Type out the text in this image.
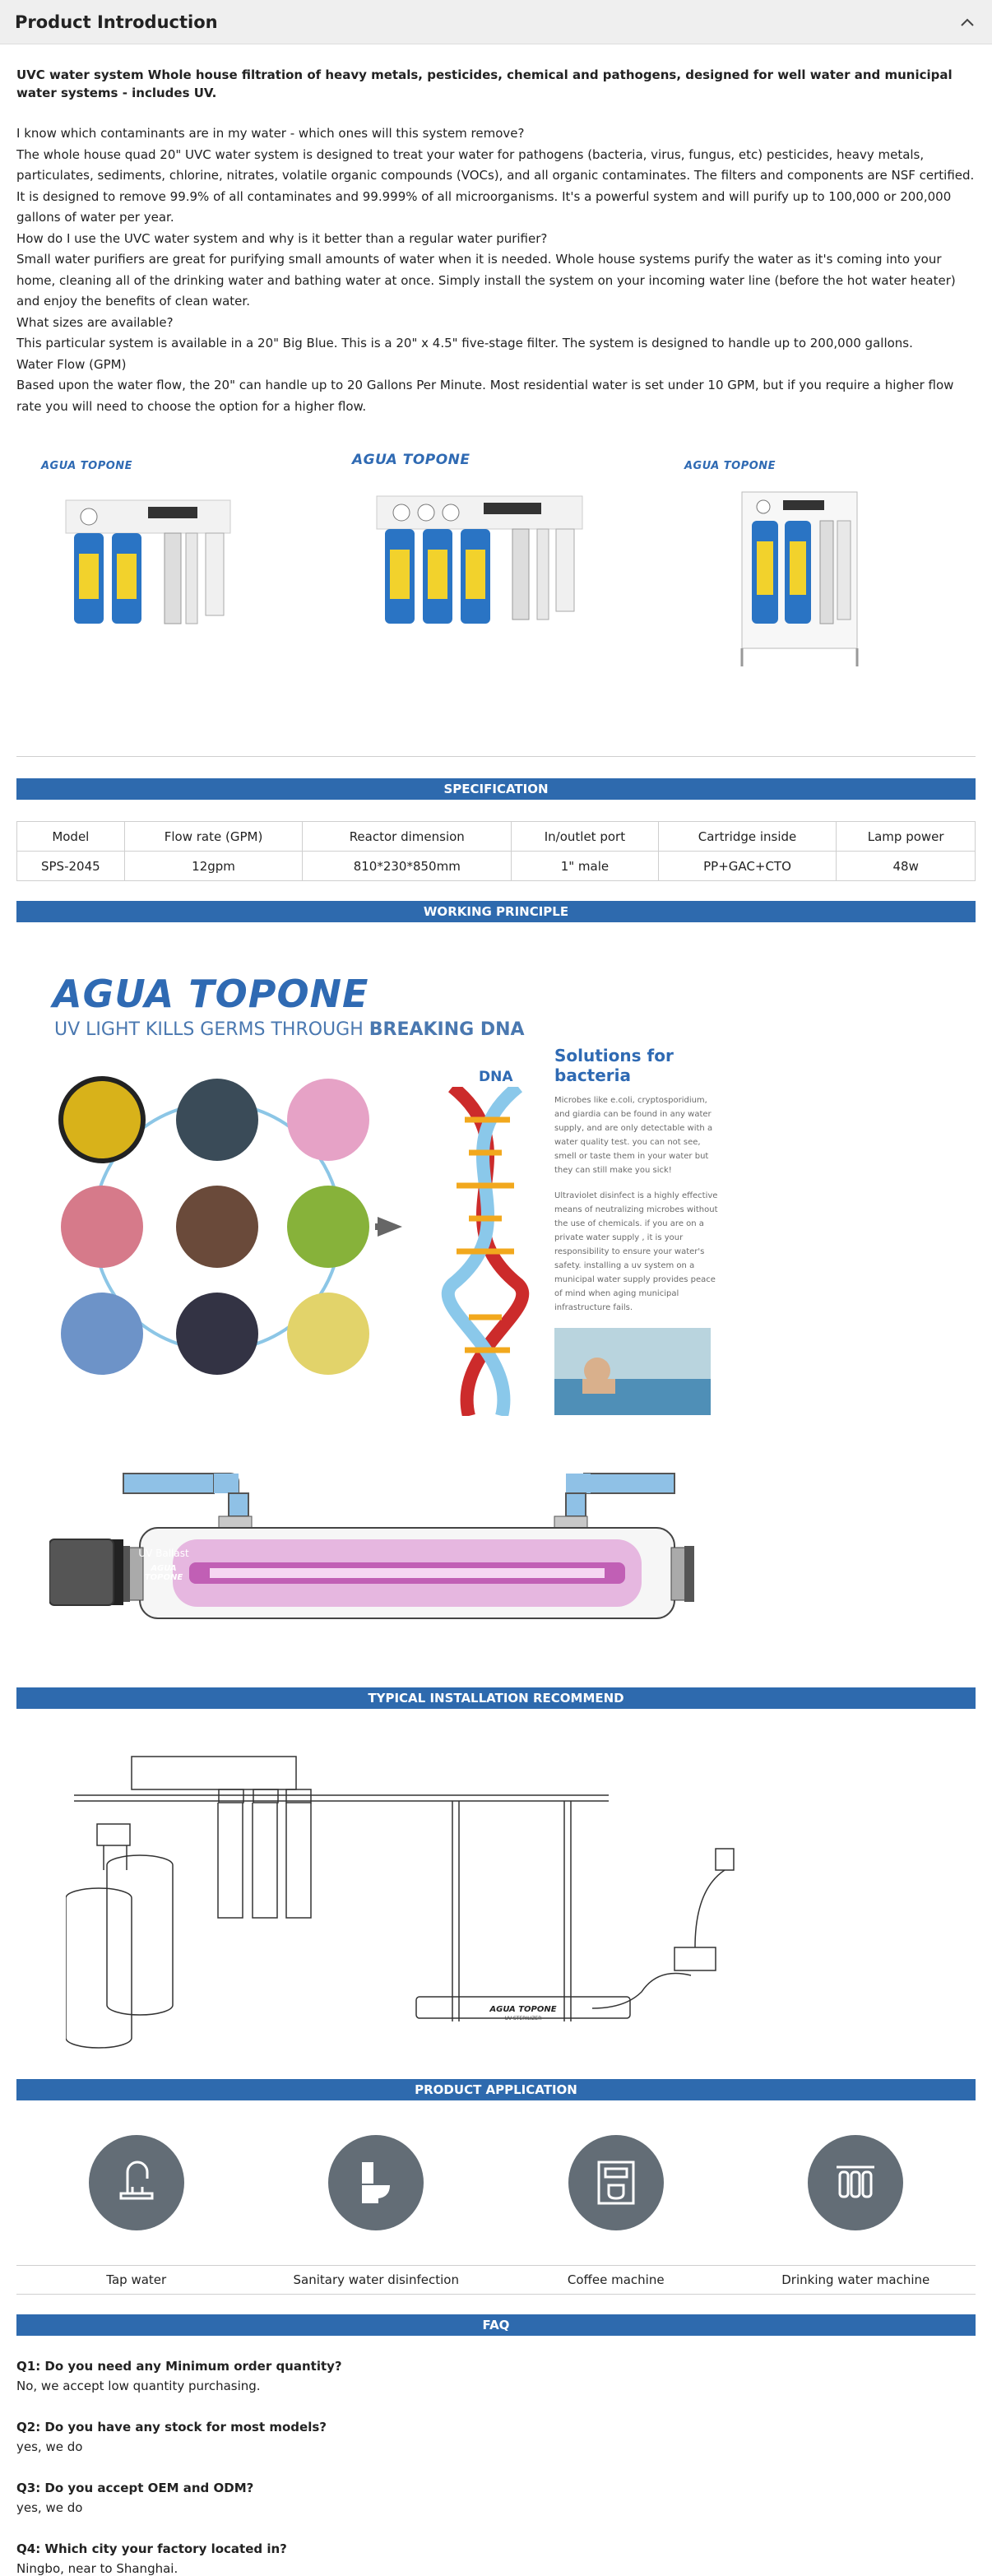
Product Introduction
UVC water system Whole house filtration of heavy metals, pesticides, chemical and pathogens, designed for well water and municipal water systems - includes UV.

I know which contaminants are in my water - which ones will this system remove?

The whole house quad 20" UVC water system is designed to treat your water for pathogens (bacteria, virus, fungus, etc) pesticides, heavy metals, particulates, sediments, chlorine, nitrates, volatile organic compounds (VOCs), and all organic contaminates. The filters and components are NSF certified. It is designed to remove 99.9% of all contaminates and 99.999% of all microorganisms. It's a powerful system and will purify up to 100,000 or 200,000 gallons of water per year.

How do I use the UVC water system and why is it better than a regular water purifier?

Small water purifiers are great for purifying small amounts of water when it is needed. Whole house systems purify the water as it's coming into your home, cleaning all of the drinking water and bathing water at once. Simply install the system on your incoming water line (before the hot water heater) and enjoy the benefits of clean water.

What sizes are available?

This particular system is available in a 20" Big Blue. This is a 20" x 4.5" five-stage filter. The system is designed to handle up to 200,000 gallons.

Water Flow (GPM)

Based upon the water flow, the 20" can handle up to 20 Gallons Per Minute. Most residential water is set under 10 GPM, but if you require a higher flow rate you will need to choose the option for a higher flow.

AGUA TOPONE	AGUA TOPONE	AGUA TOPONE
SPECIFICATION
Model	Flow rate (GPM)	Reactor dimension	In/outlet port	Cartridge inside	Lamp power
SPS-2045	12gpm	810*230*850mm	1" male	PP+GAC+CTO	48w
WORKING PRINCIPLE
AGUA TOPONE
UV LIGHT KILLS GERMS THROUGH BREAKING DNA
DNA
Solutions for bacteria
Microbes like e.coli, cryptosporidium, and giardia can be found in any water supply, and are only detectable with a water quality test. you can not see, smell or taste them in your water but they can still make you sick!
Ultraviolet disinfect is a highly effective means of neutralizing microbes without the use of chemicals. if you are on a private water supply , it is your responsibility to ensure your water's safety. installing a uv system on a municipal water supply provides peace of mind when aging municipal infrastructure fails.
UV Ballast
AGUA TOPONE
TYPICAL INSTALLATION RECOMMEND
AGUA TOPONE
UV STERILIZER
PRODUCT APPLICATION
Tap water	Sanitary water disinfection	Coffee machine	Drinking water machine
FAQ
Q1: Do you need any Minimum order quantity?
No, we accept low quantity purchasing.
Q2: Do you have any stock for most models?
yes, we do
Q3: Do you accept OEM and ODM?
yes, we do
Q4: Which city your factory located in?
Ningbo, near to Shanghai.
